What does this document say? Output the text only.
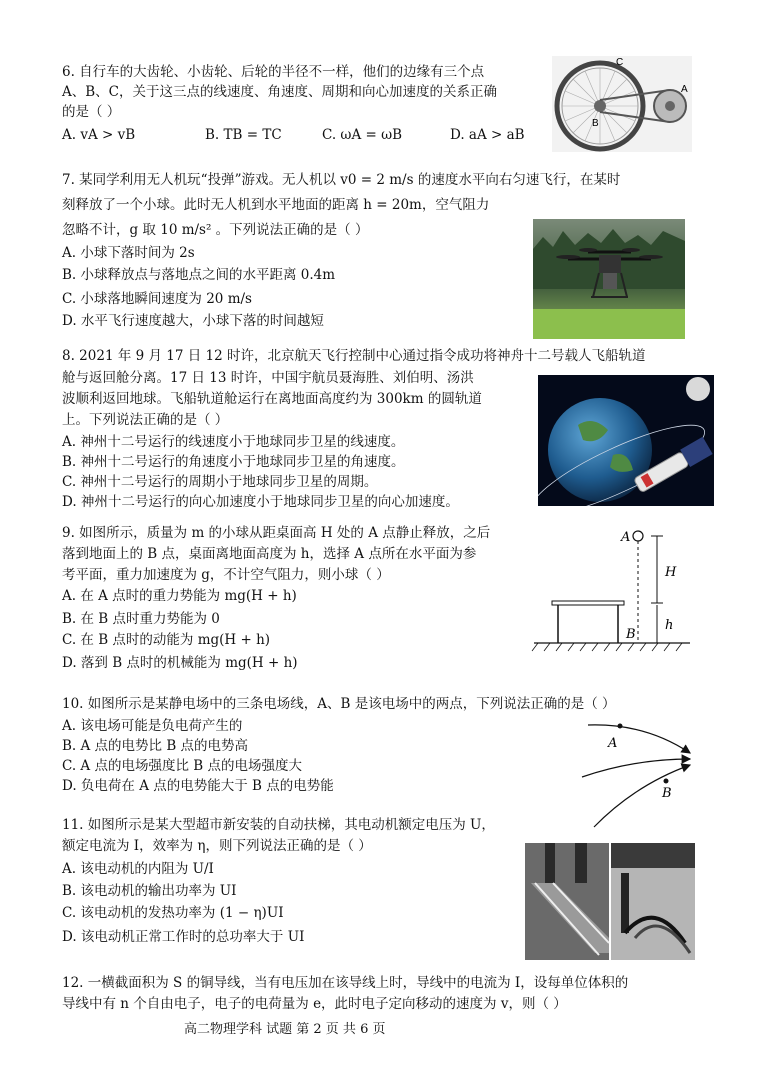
6. 自行车的大齿轮、小齿轮、后轮的半径不一样，他们的边缘有三个点
A、B、C，关于这三点的线速度、角速度、周期和向心加速度的关系正确
的是（ ）
A. vA > vB	B. TB = TC	C. ωA = ωB	D. aA > aB
C
A
B
7. 某同学利用无人机玩“投弹”游戏。无人机以 v0 = 2 m/s 的速度水平向右匀速飞行，在某时
刻释放了一个小球。此时无人机到水平地面的距离 h = 20m，空气阻力
忽略不计，g 取 10 m/s² 。下列说法正确的是（ ）
A. 小球下落时间为 2s
B. 小球释放点与落地点之间的水平距离 0.4m
C. 小球落地瞬间速度为 20 m/s
D. 水平飞行速度越大，小球下落的时间越短
8. 2021 年 9 月 17 日 12 时许，北京航天飞行控制中心通过指令成功将神舟十二号载人飞船轨道
舱与返回舱分离。17 日 13 时许，中国宇航员聂海胜、刘伯明、汤洪
波顺利返回地球。飞船轨道舱运行在离地面高度约为 300km 的圆轨道
上。下列说法正确的是（ ）
A. 神州十二号运行的线速度小于地球同步卫星的线速度。
B. 神州十二号运行的角速度小于地球同步卫星的角速度。
C. 神州十二号运行的周期小于地球同步卫星的周期。
D. 神州十二号运行的向心加速度小于地球同步卫星的向心加速度。
9. 如图所示，质量为 m 的小球从距桌面高 H 处的 A 点静止释放，之后
落到地面上的 B 点，桌面离地面高度为 h，选择 A 点所在水平面为参
考平面，重力加速度为 g，不计空气阻力，则小球（ ）
A. 在 A 点时的重力势能为 mg(H + h)
B. 在 B 点时重力势能为 0
C. 在 B 点时的动能为 mg(H + h)
D. 落到 B 点时的机械能为 mg(H + h)
A
B
H
h
10. 如图所示是某静电场中的三条电场线，A、B 是该电场中的两点，下列说法正确的是（ ）
A. 该电场可能是负电荷产生的
B. A 点的电势比 B 点的电势高
C. A 点的电场强度比 B 点的电场强度大
D. 负电荷在 A 点的电势能大于 B 点的电势能
A
B
11. 如图所示是某大型超市新安装的自动扶梯，其电动机额定电压为 U，
额定电流为 I，效率为 η，则下列说法正确的是（ ）
A. 该电动机的内阻为 U/I
B. 该电动机的输出功率为 UI
C. 该电动机的发热功率为 (1 − η)UI
D. 该电动机正常工作时的总功率大于 UI
12. 一横截面积为 S 的铜导线，当有电压加在该导线上时，导线中的电流为 I，设每单位体积的
导线中有 n 个自由电子，电子的电荷量为 e，此时电子定向移动的速度为 v，则（ ）
高二物理学科 试题 第 2 页 共 6 页
